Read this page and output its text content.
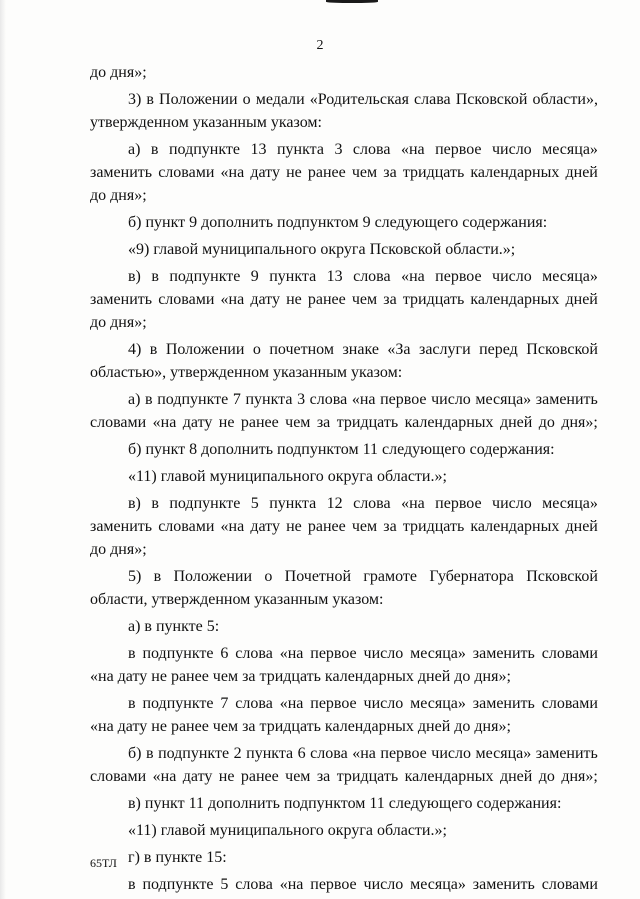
2
до дня»;
3) в Положении о медали «Родительская слава Псковской области»,
утвержденном указанным указом:
а) в подпункте 13 пункта 3 слова «на первое число месяца»
заменить словами «на дату не ранее чем за тридцать календарных дней
до дня»;
б) пункт 9 дополнить подпунктом 9 следующего содержания:
«9) главой муниципального округа Псковской области.»;
в) в подпункте 9 пункта 13 слова «на первое число месяца»
заменить словами «на дату не ранее чем за тридцать календарных дней
до дня»;
4) в Положении о почетном знаке «За заслуги перед Псковской
областью», утвержденном указанным указом:
а) в подпункте 7 пункта 3 слова «на первое число месяца» заменить
словами «на дату не ранее чем за тридцать календарных дней до дня»;
б) пункт 8 дополнить подпунктом 11 следующего содержания:
«11) главой муниципального округа области.»;
в) в подпункте 5 пункта 12 слова «на первое число месяца»
заменить словами «на дату не ранее чем за тридцать календарных дней
до дня»;
5) в Положении о Почетной грамоте Губернатора Псковской
области, утвержденном указанным указом:
а) в пункте 5:
в подпункте 6 слова «на первое число месяца» заменить словами
«на дату не ранее чем за тридцать календарных дней до дня»;
в подпункте 7 слова «на первое число месяца» заменить словами
«на дату не ранее чем за тридцать календарных дней до дня»;
б) в подпункте 2 пункта 6 слова «на первое число месяца» заменить
словами «на дату не ранее чем за тридцать календарных дней до дня»;
в) пункт 11 дополнить подпунктом 11 следующего содержания:
«11) главой муниципального округа области.»;
г) в пункте 15:
в подпункте 5 слова «на первое число месяца» заменить словами
65ТЛ
